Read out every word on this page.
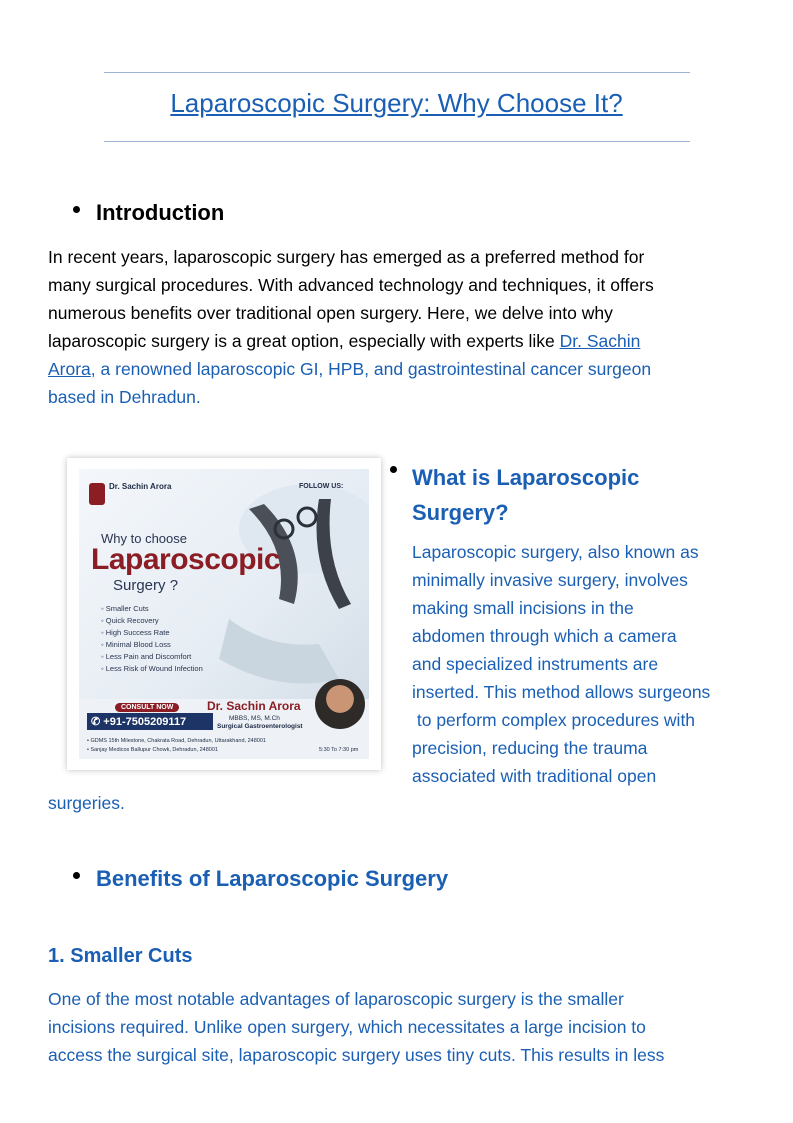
Laparoscopic Surgery: Why Choose It?
Introduction
In recent years, laparoscopic surgery has emerged as a preferred method for
many surgical procedures. With advanced technology and techniques, it offers
numerous benefits over traditional open surgery. Here, we delve into why
laparoscopic surgery is a great option, especially with experts like Dr. Sachin
Arora, a renowned laparoscopic GI, HPB, and gastrointestinal cancer surgeon
based in Dehradun.
Dr. Sachin Arora	FOLLOW US:
Why to choose
Laparoscopic
Surgery ?
◦ Smaller Cuts
◦ Quick Recovery
◦ High Success Rate
◦ Minimal Blood Loss
◦ Less Pain and Discomfort
◦ Less Risk of Wound Infection
CONSULT NOW
✆ +91-7505209117
Dr. Sachin Arora
MBBS, MS, M.Ch
Surgical Gastroenterologist
• GDMS 15th Milestone, Chakrata Road, Dehradun, Uttarakhand, 248001
• Sanjay Medicos Ballupur Chowk, Dehradun, 248001	5:30 To 7:30 pm
What is Laparoscopic
Surgery?
Laparoscopic surgery, also known as
minimally invasive surgery, involves
making small incisions in the
abdomen through which a camera
and specialized instruments are
inserted. This method allows surgeons
to perform complex procedures with
precision, reducing the trauma
associated with traditional open
surgeries.
Benefits of Laparoscopic Surgery
1. Smaller Cuts
One of the most notable advantages of laparoscopic surgery is the smaller
incisions required. Unlike open surgery, which necessitates a large incision to
access the surgical site, laparoscopic surgery uses tiny cuts. This results in less
